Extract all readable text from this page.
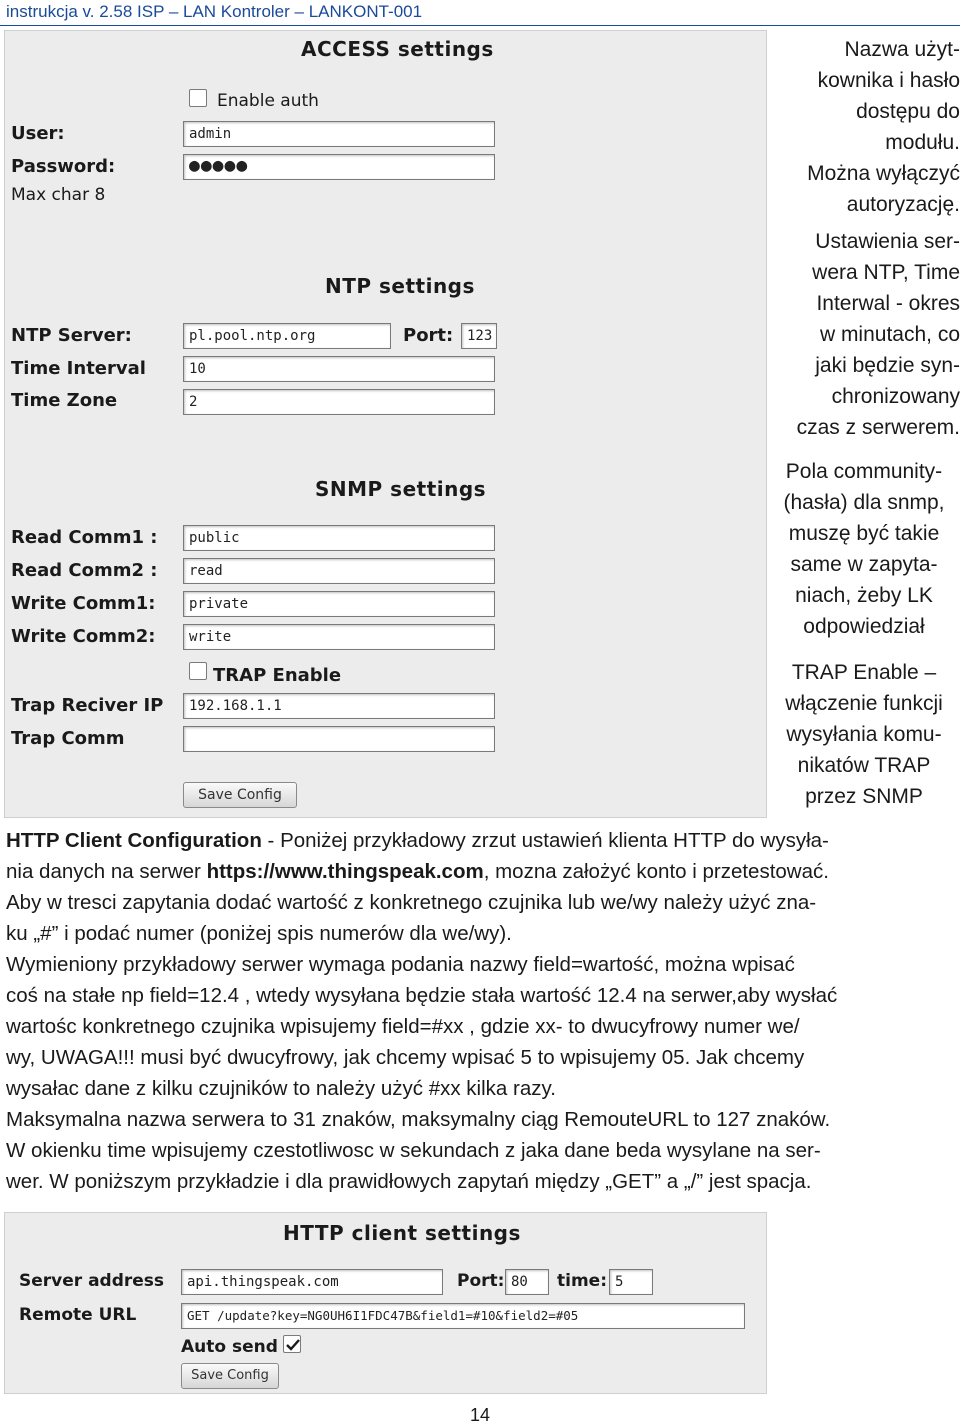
instrukcja v. 2.58 ISP – LAN Kontroler – LANKONT-001
ACCESS settings
Enable auth
User:	admin
Password:	●●●●●
Max char 8
NTP settings
NTP Server:	pl.pool.ntp.org	Port: 123
Time Interval	10
Time Zone	2
SNMP settings
Read Comm1 :	public
Read Comm2 :	read
Write Comm1:	private
Write Comm2:	write
TRAP Enable
Trap Reciver IP	192.168.1.1
Trap Comm
Save Config
Nazwa użyt-
kownika i hasło
dostępu do
modułu.
Można wyłączyć
autoryzację.
Ustawienia ser-
wera NTP, Time
Interwal - okres
w minutach, co
jaki będzie syn-
chronizowany
czas z serwerem.
Pola community-
(hasła) dla snmp,
muszę być takie
same w zapyta-
niach, żeby LK
odpowiedział
TRAP Enable –
włączenie funkcji
wysyłania komu-
nikatów TRAP
przez SNMP
HTTP Client Configuration - Poniżej przykładowy zrzut ustawień klienta HTTP do wysyła-
nia danych na serwer https://www.thingspeak.com, mozna założyć konto i przetestować.
Aby w tresci zapytania dodać wartość z konkretnego czujnika lub we/wy należy użyć zna-
ku „#” i podać numer (poniżej spis numerów dla we/wy).
Wymieniony przykładowy serwer wymaga podania nazwy field=wartość, można wpisać
coś na stałe np field=12.4 , wtedy wysyłana będzie stała wartość 12.4 na serwer,aby wysłać
wartośc konkretnego czujnika wpisujemy field=#xx , gdzie xx- to dwucyfrowy numer we/
wy, UWAGA!!! musi być dwucyfrowy, jak chcemy wpisać 5 to wpisujemy 05. Jak chcemy
wysałac dane z kilku czujników to należy użyć #xx kilka razy.
Maksymalna nazwa serwera to 31 znaków, maksymalny ciąg RemouteURL to 127 znaków.
W okienku time wpisujemy czestotliwosc w sekundach z jaka dane beda wysylane na ser-
wer. W poniższym przykładzie i dla prawidłowych zapytań między „GET” a „/” jest spacja.
HTTP client settings
Server address	api.thingspeak.com	Port: 80	time: 5
Remote URL	GET /update?key=NG0UH6I1FDC47B&field1=#10&field2=#05
Auto send
Save Config
14
